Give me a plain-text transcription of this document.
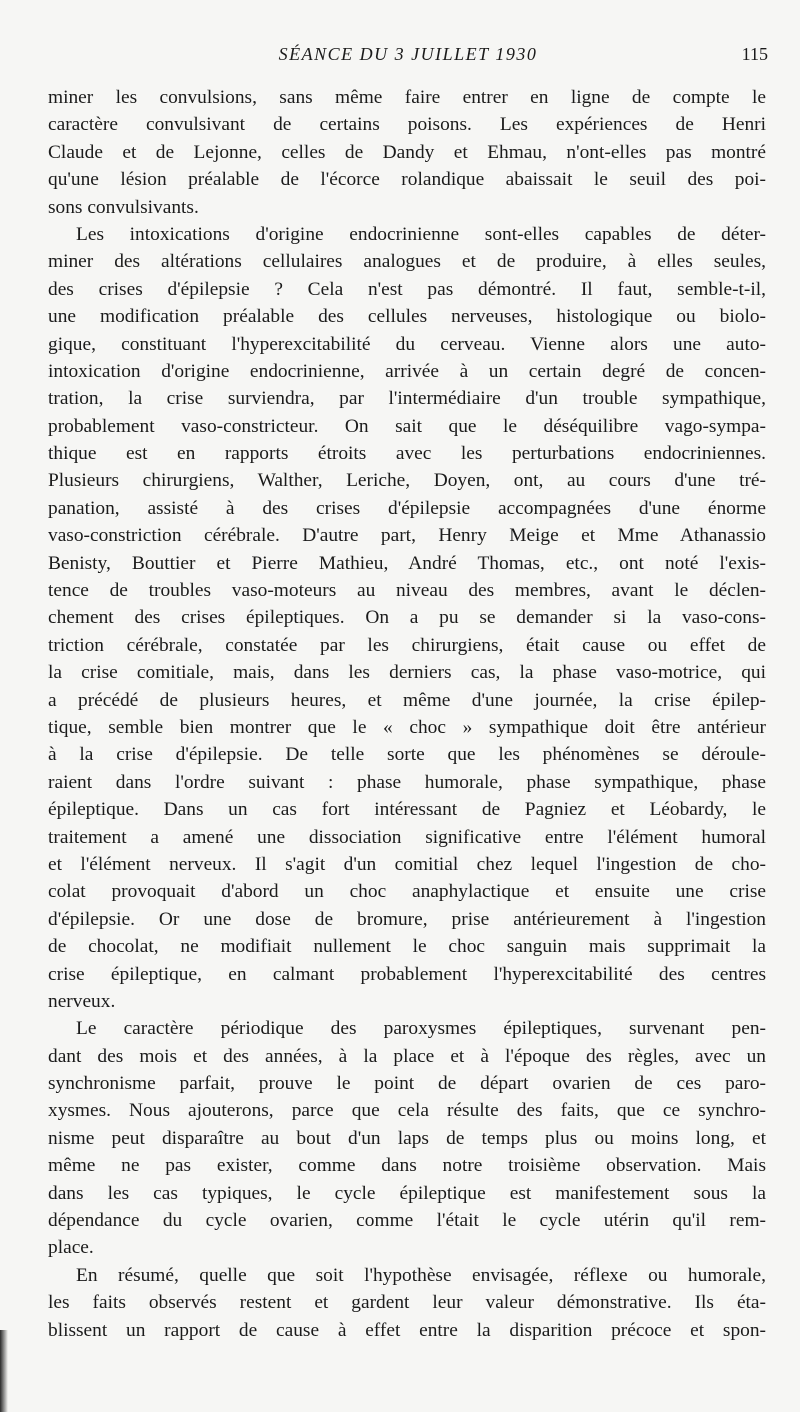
SÉANCE DU 3 JUILLET 1930	115
miner les convulsions, sans même faire entrer en ligne de compte le
caractère convulsivant de certains poisons. Les expériences de Henri
Claude et de Lejonne, celles de Dandy et Ehmau, n'ont-elles pas montré
qu'une lésion préalable de l'écorce rolandique abaissait le seuil des poi-
sons convulsivants.
Les intoxications d'origine endocrinienne sont-elles capables de déter-
miner des altérations cellulaires analogues et de produire, à elles seules,
des crises d'épilepsie ? Cela n'est pas démontré. Il faut, semble-t-il,
une modification préalable des cellules nerveuses, histologique ou biolo-
gique, constituant l'hyperexcitabilité du cerveau. Vienne alors une auto-
intoxication d'origine endocrinienne, arrivée à un certain degré de concen-
tration, la crise surviendra, par l'intermédiaire d'un trouble sympathique,
probablement vaso-constricteur. On sait que le déséquilibre vago-sympa-
thique est en rapports étroits avec les perturbations endocriniennes.
Plusieurs chirurgiens, Walther, Leriche, Doyen, ont, au cours d'une tré-
panation, assisté à des crises d'épilepsie accompagnées d'une énorme
vaso-constriction cérébrale. D'autre part, Henry Meige et Mme Athanassio
Benisty, Bouttier et Pierre Mathieu, André Thomas, etc., ont noté l'exis-
tence de troubles vaso-moteurs au niveau des membres, avant le déclen-
chement des crises épileptiques. On a pu se demander si la vaso-cons-
triction cérébrale, constatée par les chirurgiens, était cause ou effet de
la crise comitiale, mais, dans les derniers cas, la phase vaso-motrice, qui
a précédé de plusieurs heures, et même d'une journée, la crise épilep-
tique, semble bien montrer que le « choc » sympathique doit être antérieur
à la crise d'épilepsie. De telle sorte que les phénomènes se déroule-
raient dans l'ordre suivant : phase humorale, phase sympathique, phase
épileptique. Dans un cas fort intéressant de Pagniez et Léobardy, le
traitement a amené une dissociation significative entre l'élément humoral
et l'élément nerveux. Il s'agit d'un comitial chez lequel l'ingestion de cho-
colat provoquait d'abord un choc anaphylactique et ensuite une crise
d'épilepsie. Or une dose de bromure, prise antérieurement à l'ingestion
de chocolat, ne modifiait nullement le choc sanguin mais supprimait la
crise épileptique, en calmant probablement l'hyperexcitabilité des centres
nerveux.
Le caractère périodique des paroxysmes épileptiques, survenant pen-
dant des mois et des années, à la place et à l'époque des règles, avec un
synchronisme parfait, prouve le point de départ ovarien de ces paro-
xysmes. Nous ajouterons, parce que cela résulte des faits, que ce synchro-
nisme peut disparaître au bout d'un laps de temps plus ou moins long, et
même ne pas exister, comme dans notre troisième observation. Mais
dans les cas typiques, le cycle épileptique est manifestement sous la
dépendance du cycle ovarien, comme l'était le cycle utérin qu'il rem-
place.
En résumé, quelle que soit l'hypothèse envisagée, réflexe ou humorale,
les faits observés restent et gardent leur valeur démonstrative. Ils éta-
blissent un rapport de cause à effet entre la disparition précoce et spon-
